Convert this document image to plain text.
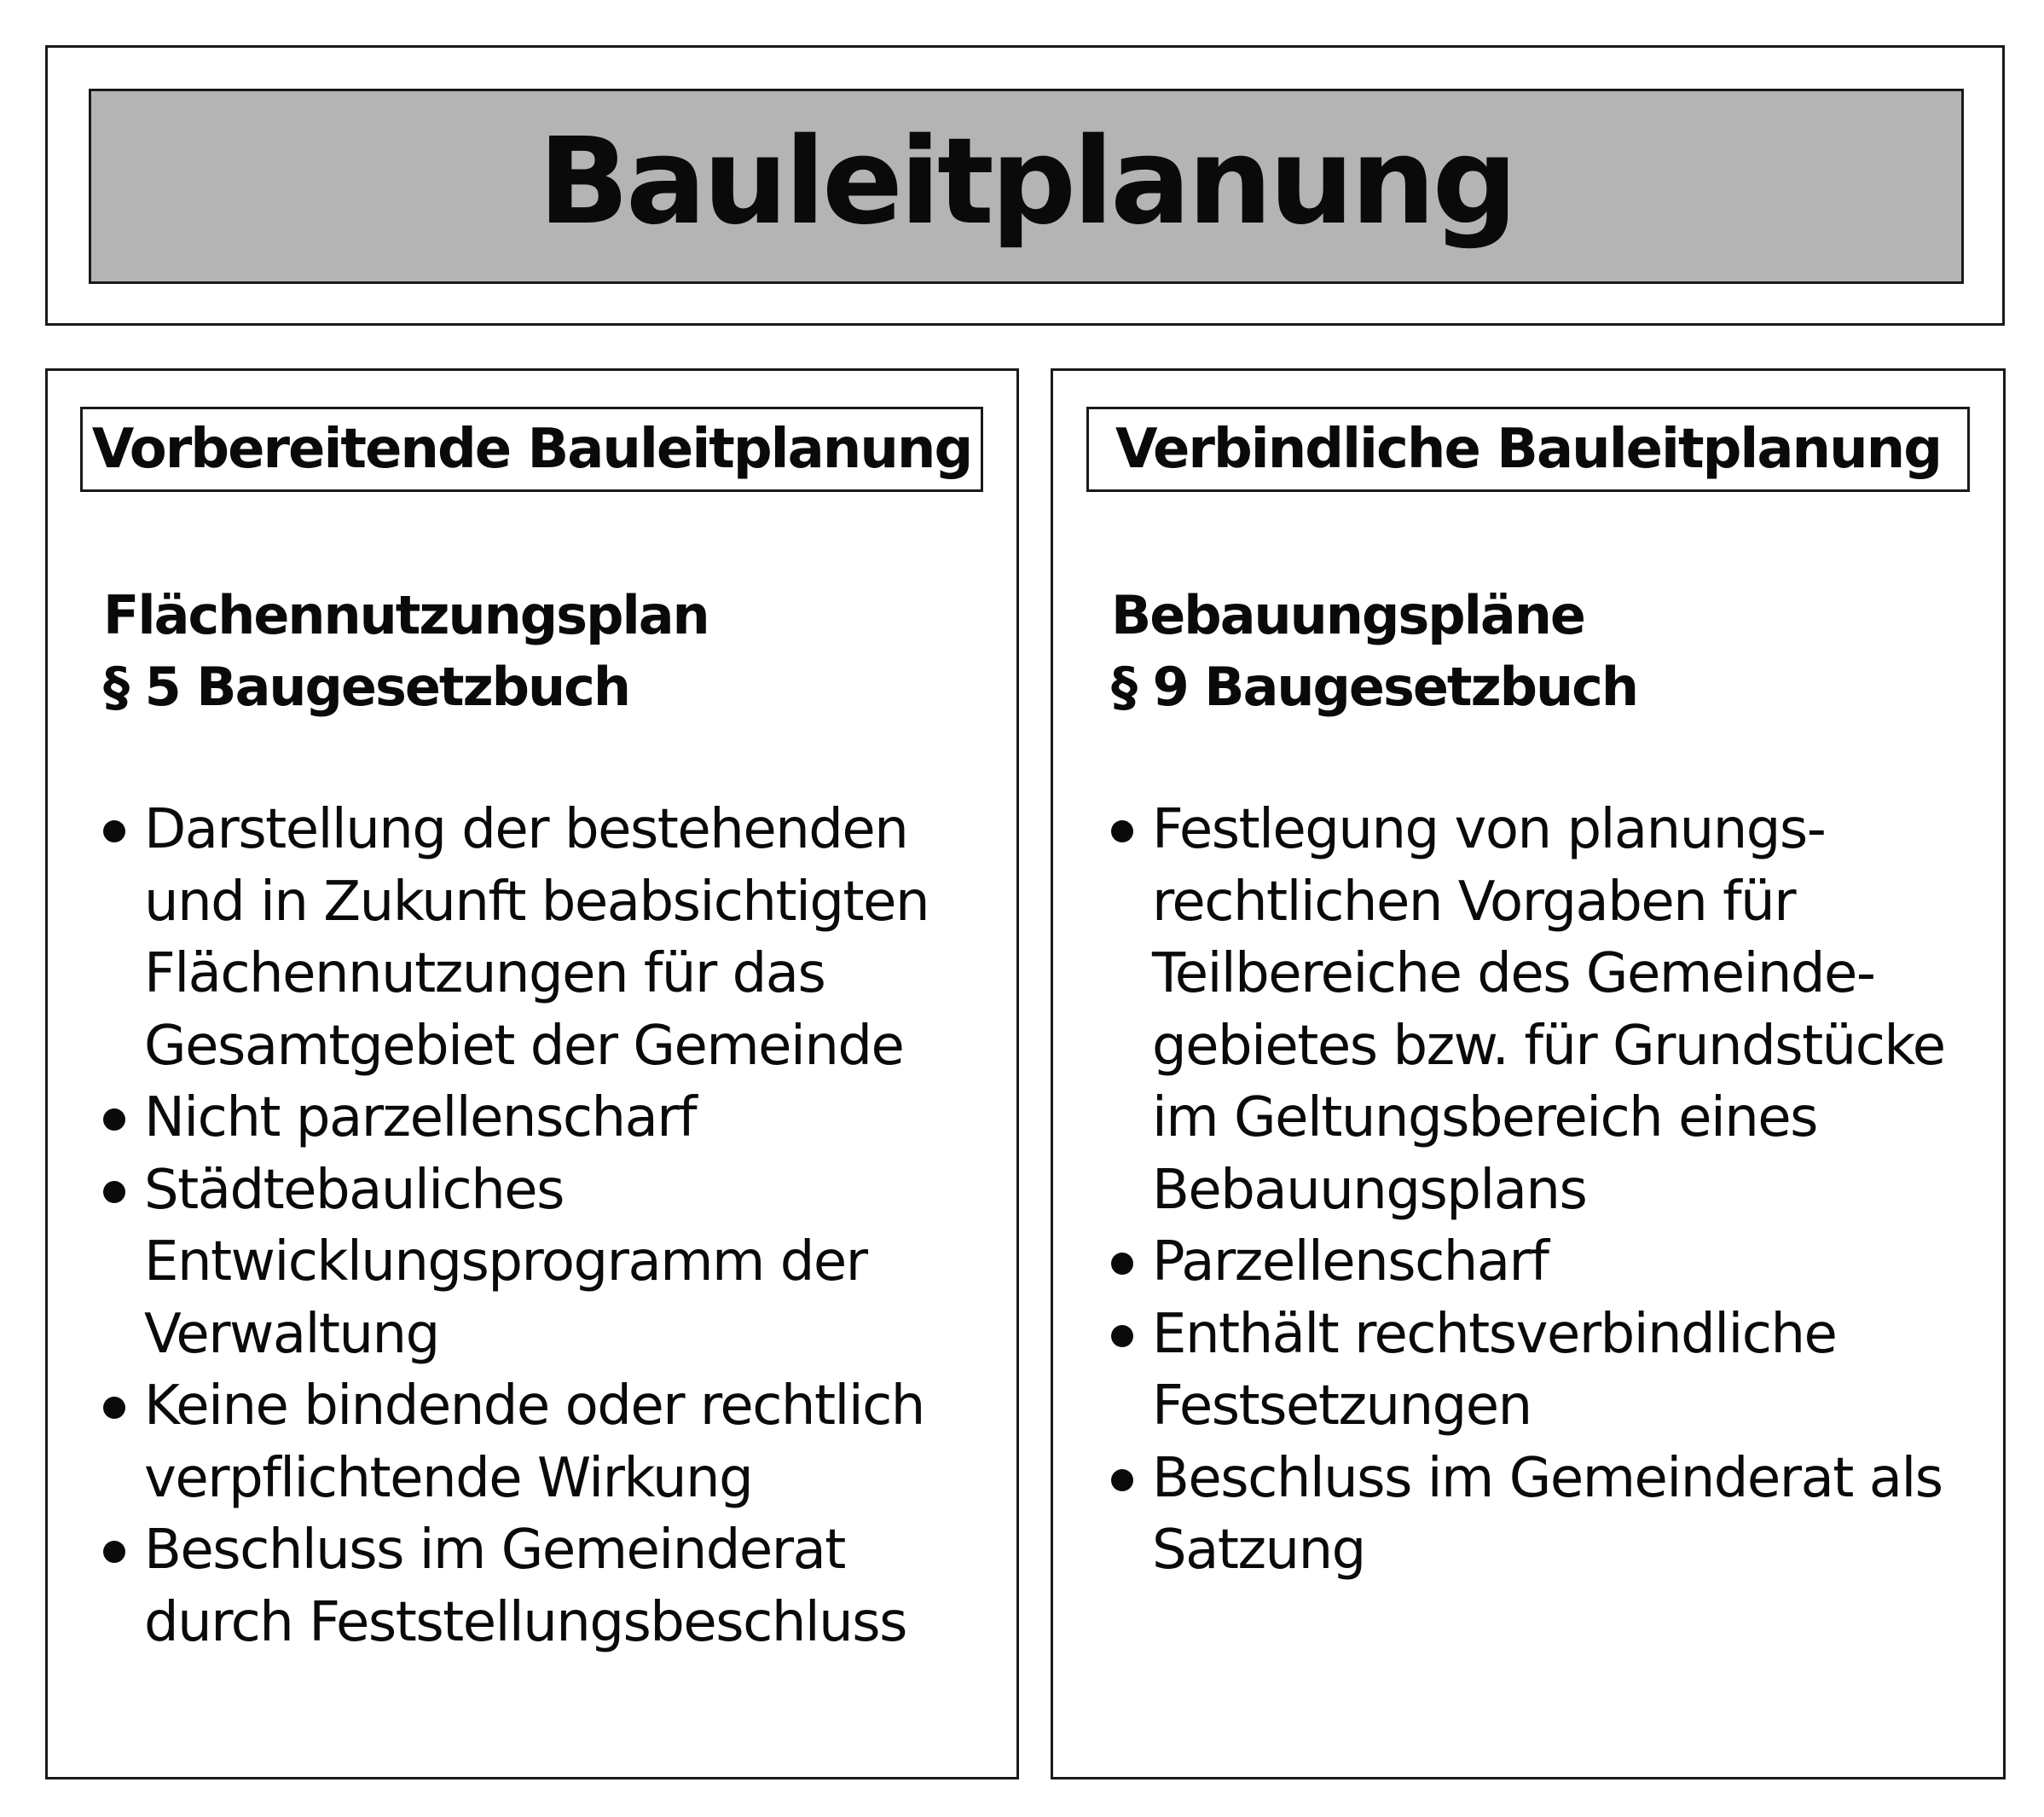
Bauleitplanung
Vorbereitende Bauleitplanung
Flächennutzungsplan
§ 5 Baugesetzbuch
Darstellung der bestehenden
und in Zukunft beabsichtigten
Flächennutzungen für das
Gesamtgebiet der Gemeinde
Nicht parzellenscharf
Städtebauliches
Entwicklungsprogramm der
Verwaltung
Keine bindende oder rechtlich
verpflichtende Wirkung
Beschluss im Gemeinderat
durch Feststellungsbeschluss
Verbindliche Bauleitplanung
Bebauungspläne
§ 9 Baugesetzbuch
Festlegung von planungs-
rechtlichen Vorgaben für
Teilbereiche des Gemeinde-
gebietes bzw. für Grundstücke
im Geltungsbereich eines
Bebauungsplans
Parzellenscharf
Enthält rechtsverbindliche
Festsetzungen
Beschluss im Gemeinderat als
Satzung
